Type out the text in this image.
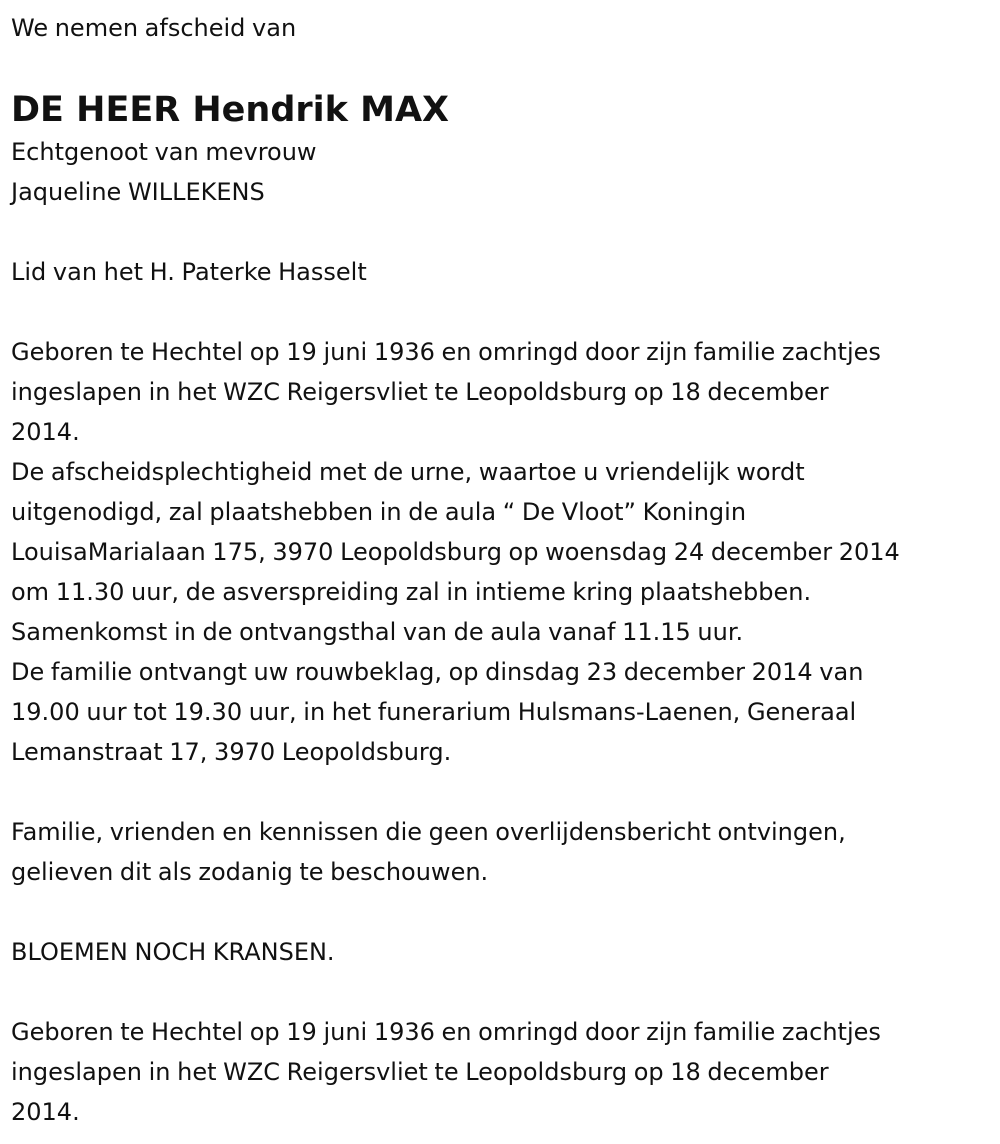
We nemen afscheid van

DE HEER Hendrik MAX

Echtgenoot van mevrouw

Jaqueline WILLEKENS

Lid van het H. Paterke Hasselt

Geboren te Hechtel op 19 juni 1936 en omringd door zijn familie zachtjes

ingeslapen in het WZC Reigersvliet te Leopoldsburg op 18 december

2014.

De afscheidsplechtigheid met de urne, waartoe u vriendelijk wordt

uitgenodigd, zal plaatshebben in de aula “ De Vloot” Koningin

LouisaMarialaan 175, 3970 Leopoldsburg op woensdag 24 december 2014

om 11.30 uur, de asverspreiding zal in intieme kring plaatshebben.

Samenkomst in de ontvangsthal van de aula vanaf 11.15 uur.

De familie ontvangt uw rouwbeklag, op dinsdag 23 december 2014 van

19.00 uur tot 19.30 uur, in het funerarium Hulsmans-Laenen, Generaal

Lemanstraat 17, 3970 Leopoldsburg.

Familie, vrienden en kennissen die geen overlijdensbericht ontvingen,

gelieven dit als zodanig te beschouwen.

BLOEMEN NOCH KRANSEN.

Geboren te Hechtel op 19 juni 1936 en omringd door zijn familie zachtjes

ingeslapen in het WZC Reigersvliet te Leopoldsburg op 18 december

2014.
